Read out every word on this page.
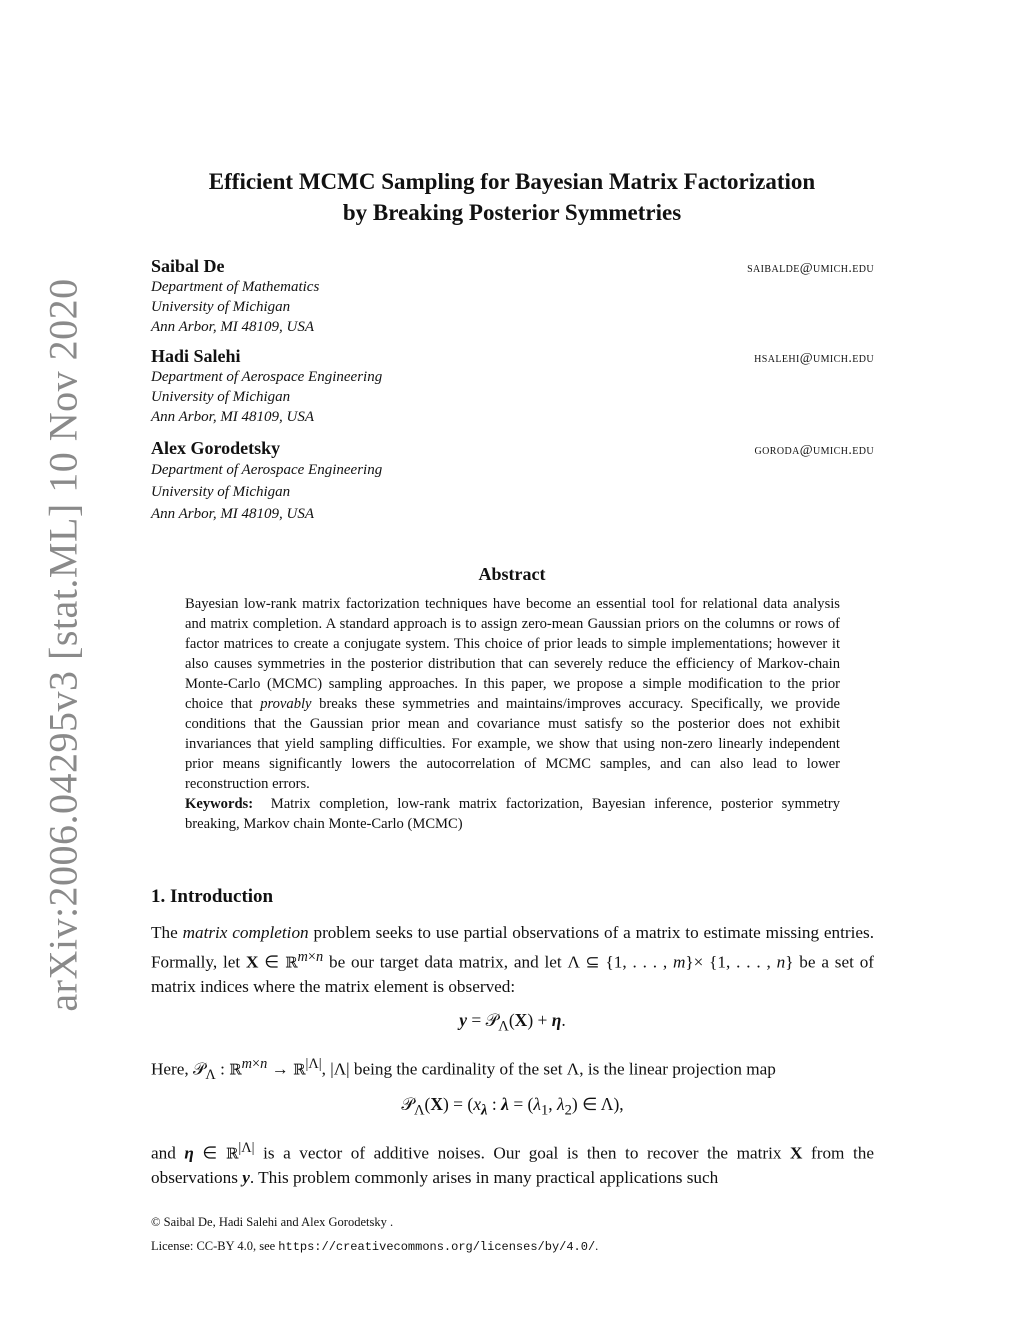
arXiv:2006.04295v3 [stat.ML] 10 Nov 2020
Efficient MCMC Sampling for Bayesian Matrix Factorization
by Breaking Posterior Symmetries
Saibal De	saibalde@umich.edu
Department of Mathematics
University of Michigan
Ann Arbor, MI 48109, USA
Hadi Salehi	hsalehi@umich.edu
Department of Aerospace Engineering
University of Michigan
Ann Arbor, MI 48109, USA
Alex Gorodetsky	goroda@umich.edu
Department of Aerospace Engineering
University of Michigan
Ann Arbor, MI 48109, USA
Abstract

Bayesian low-rank matrix factorization techniques have become an essential tool for relational data analysis and matrix completion. A standard approach is to assign zero-mean Gaussian priors on the columns or rows of factor matrices to create a conjugate system. This choice of prior leads to simple implementations; however it also causes symmetries in the posterior distribution that can severely reduce the efficiency of Markov-chain Monte-Carlo (MCMC) sampling approaches. In this paper, we propose a simple modification to the prior choice that provably breaks these symmetries and maintains/improves accuracy. Specifically, we provide conditions that the Gaussian prior mean and covariance must satisfy so the posterior does not exhibit invariances that yield sampling difficulties. For example, we show that using non-zero linearly independent prior means significantly lowers the autocorrelation of MCMC samples, and can also lead to lower reconstruction errors.

Keywords: Matrix completion, low-rank matrix factorization, Bayesian inference, posterior symmetry breaking, Markov chain Monte-Carlo (MCMC)

1. Introduction

The matrix completion problem seeks to use partial observations of a matrix to estimate missing entries. Formally, let X ∈ ℝ$^{m\times n}$ be our target data matrix, and let Λ ⊆ {1, . . . , m}× {1, . . . , n} be a set of matrix indices where the matrix element is observed:

y = 𝒫$_\Lambda$(X) + η.

Here, 𝒫$_\Lambda$ : ℝ$^{m\times n}$ → ℝ$^{|\Lambda|}$, |Λ| being the cardinality of the set Λ, is the linear projection map

𝒫$_\Lambda$(X) = ($x_\lambda$ : $\lambda = (\lambda_1$, $\lambda_2$) ∈ Λ),

and η ∈ ℝ$^{|\Lambda|}$ is a vector of additive noises. Our goal is then to recover the matrix X from the observations y. This problem commonly arises in many practical applications such

© Saibal De, Hadi Salehi and Alex Gorodetsky .
License: CC-BY 4.0, see https://creativecommons.org/licenses/by/4.0/.
